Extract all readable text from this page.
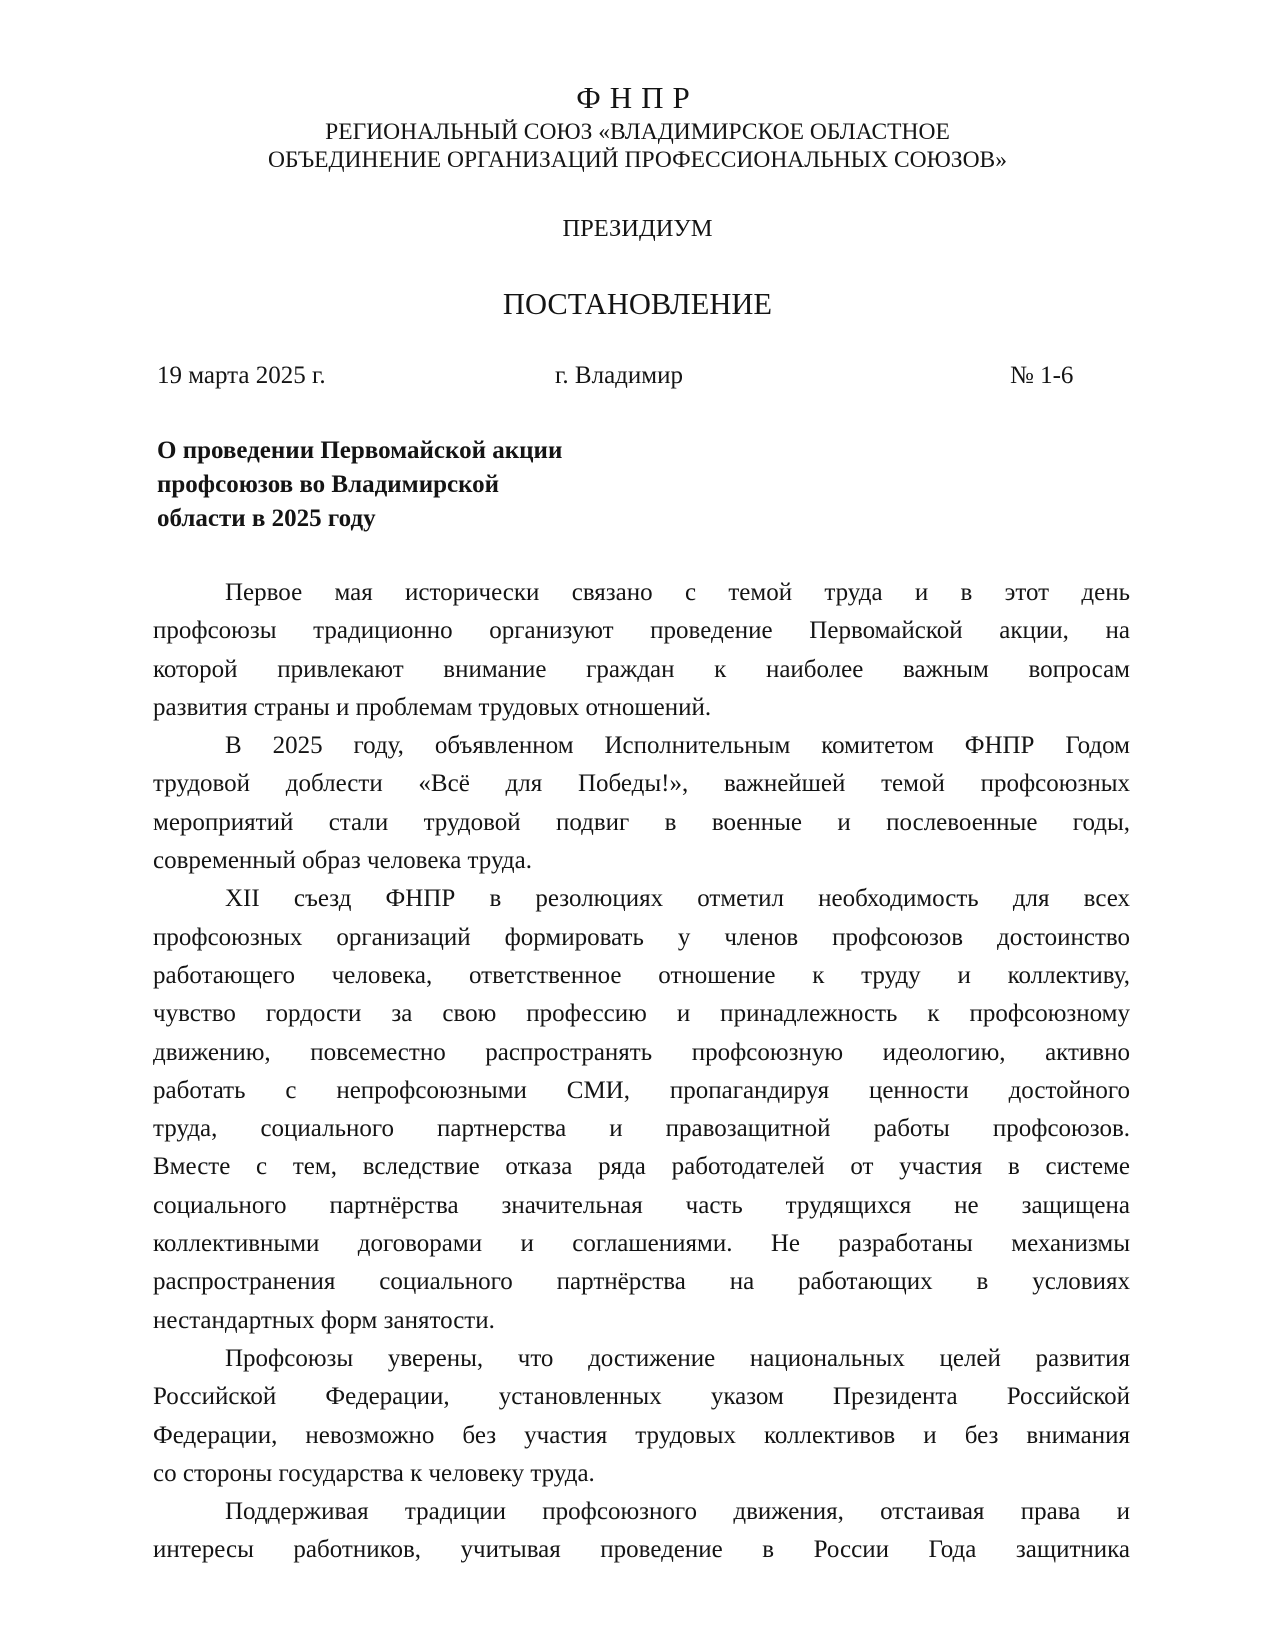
ФНПР
РЕГИОНАЛЬНЫЙ СОЮЗ «ВЛАДИМИРСКОЕ ОБЛАСТНОЕ
ОБЪЕДИНЕНИЕ ОРГАНИЗАЦИЙ ПРОФЕССИОНАЛЬНЫХ СОЮЗОВ»
ПРЕЗИДИУМ
ПОСТАНОВЛЕНИЕ
19 марта 2025 г.	г. Владимир	№ 1-6
О проведении Первомайской акции
профсоюзов во Владимирской
области в 2025 году
Первое мая исторически связано с темой труда и в этот день
профсоюзы традиционно организуют проведение Первомайской акции, на
которой привлекают внимание граждан к наиболее важным вопросам
развития страны и проблемам трудовых отношений.
В 2025 году, объявленном Исполнительным комитетом ФНПР Годом
трудовой доблести «Всё для Победы!», важнейшей темой профсоюзных
мероприятий стали трудовой подвиг в военные и послевоенные годы,
современный образ человека труда.
XII съезд ФНПР в резолюциях отметил необходимость для всех
профсоюзных организаций формировать у членов профсоюзов достоинство
работающего человека, ответственное отношение к труду и коллективу,
чувство гордости за свою профессию и принадлежность к профсоюзному
движению, повсеместно распространять профсоюзную идеологию, активно
работать с непрофсоюзными СМИ, пропагандируя ценности достойного
труда, социального партнерства и правозащитной работы профсоюзов.
Вместе с тем, вследствие отказа ряда работодателей от участия в системе
социального партнёрства значительная часть трудящихся не защищена
коллективными договорами и соглашениями. Не разработаны механизмы
распространения социального партнёрства на работающих в условиях
нестандартных форм занятости.
Профсоюзы уверены, что достижение национальных целей развития
Российской Федерации, установленных указом Президента Российской
Федерации, невозможно без участия трудовых коллективов и без внимания
со стороны государства к человеку труда.
Поддерживая традиции профсоюзного движения, отстаивая права и
интересы работников, учитывая проведение в России Года защитника
